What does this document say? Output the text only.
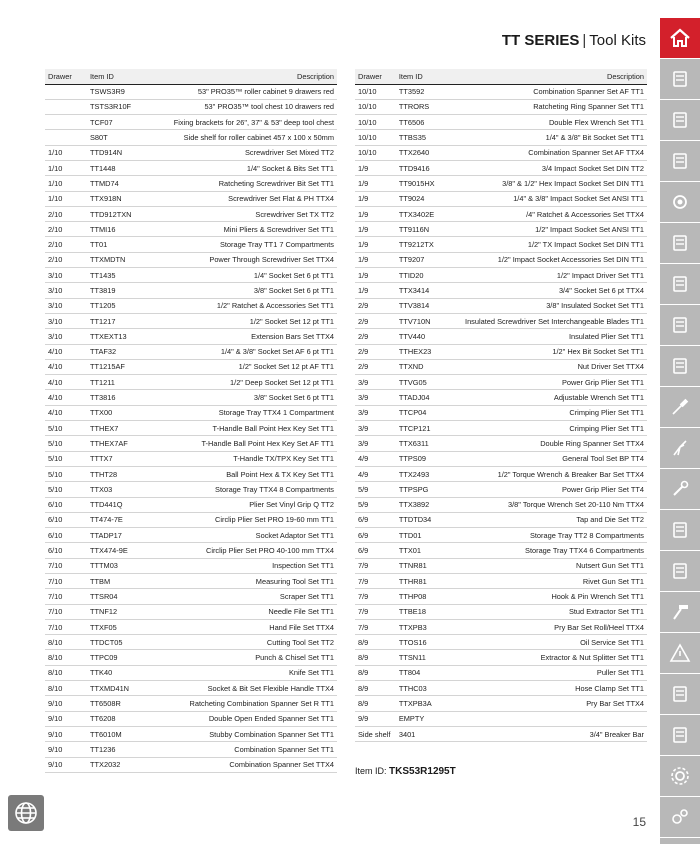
TT SERIES | Tool Kits
Drawer	Item ID	Description
	TSWS3R9	53" PRO35™ roller cabinet 9 drawers red
	TSTS3R10F	53" PRO35™ tool chest 10 drawers red
	TCF07	Fixing brackets for 26", 37" & 53" deep tool chest
	S80T	Side shelf for roller cabinet 457 x 100 x 50mm
1/10	TTD914N	Screwdriver Set Mixed TT2
1/10	TT1448	1/4" Socket & Bits Set TT1
1/10	TTMD74	Ratcheting Screwdriver Bit Set TT1
1/10	TTX918N	Screwdriver Set Flat & PH TTX4
2/10	TTD912TXN	Screwdriver Set TX TT2
2/10	TTMI16	Mini Pliers & Screwdriver Set TT1
2/10	TT01	Storage Tray TT1 7 Compartments
2/10	TTXMDTN	Power Through Screwdriver Set TTX4
3/10	TT1435	1/4" Socket Set 6 pt TT1
3/10	TT3819	3/8" Socket Set 6 pt TT1
3/10	TT1205	1/2" Ratchet & Accessories Set TT1
3/10	TT1217	1/2" Socket Set 12 pt TT1
3/10	TTXEXT13	Extension Bars Set TTX4
4/10	TTAF32	1/4" & 3/8" Socket Set AF 6 pt TT1
4/10	TT1215AF	1/2" Socket Set 12 pt AF TT1
4/10	TT1211	1/2" Deep Socket Set 12 pt TT1
4/10	TT3816	3/8" Socket Set 6 pt TT1
4/10	TTX00	Storage Tray TTX4 1 Compartment
5/10	TTHEX7	T-Handle Ball Point Hex Key Set TT1
5/10	TTHEX7AF	T-Handle Ball Point Hex Key Set AF TT1
5/10	TTTX7	T-Handle TX/TPX Key Set TT1
5/10	TTHT28	Ball Point Hex & TX Key Set TT1
5/10	TTX03	Storage Tray TTX4 8 Compartments
6/10	TTD441Q	Plier Set Vinyl Grip Q TT2
6/10	TT474-7E	Circlip Plier Set PRO 19-60 mm TT1
6/10	TTADP17	Socket Adaptor Set TT1
6/10	TTX474-9E	Circlip Plier Set PRO 40-100 mm TTX4
7/10	TTTM03	Inspection Set TT1
7/10	TTBM	Measuring Tool Set TT1
7/10	TTSR04	Scraper Set TT1
7/10	TTNF12	Needle File Set TT1
7/10	TTXF05	Hand File Set TTX4
8/10	TTDCT05	Cutting Tool Set TT2
8/10	TTPC09	Punch & Chisel Set TT1
8/10	TTK40	Knife Set TT1
8/10	TTXMD41N	Socket & Bit Set Flexible Handle TTX4
9/10	TT6508R	Ratcheting Combination Spanner Set R TT1
9/10	TT6208	Double Open Ended Spanner Set TT1
9/10	TT6010M	Stubby Combination Spanner Set TT1
9/10	TT1236	Combination Spanner Set TT1
9/10	TTX2032	Combination Spanner Set TTX4
Drawer	Item ID	Description
10/10	TT3592	Combination Spanner Set AF TT1
10/10	TTRORS	Ratcheting Ring Spanner Set TT1
10/10	TT6506	Double Flex Wrench Set TT1
10/10	TTBS35	1/4" & 3/8" Bit Socket Set TT1
10/10	TTX2640	Combination Spanner Set AF TTX4
1/9	TTD9416	3/4 Impact Socket Set DIN TT2
1/9	TT9015HX	3/8" & 1/2" Hex Impact Socket Set DIN TT1
1/9	TT9024	1/4" & 3/8" Impact Socket Set ANSI TT1
1/9	TTX3402E	/4" Ratchet & Accessories Set TTX4
1/9	TT9116N	1/2" Impact Socket Set ANSI TT1
1/9	TT9212TX	1/2" TX Impact Socket Set DIN TT1
1/9	TT9207	1/2" Impact Socket Accessories Set DIN TT1
1/9	TTID20	1/2" Impact Driver Set TT1
1/9	TTX3414	3/4" Socket Set 6 pt TTX4
2/9	TTV3814	3/8" Insulated Socket Set TT1
2/9	TTV710N	Insulated Screwdriver Set Interchangeable Blades TT1
2/9	TTV440	Insulated Plier Set TT1
2/9	TTHEX23	1/2" Hex Bit Socket Set TT1
2/9	TTXND	Nut Driver Set TTX4
3/9	TTVG05	Power Grip Plier Set TT1
3/9	TTADJ04	Adjustable Wrench Set TT1
3/9	TTCP04	Crimping Plier Set TT1
3/9	TTCP121	Crimping Plier Set TT1
3/9	TTX6311	Double Ring Spanner Set TTX4
4/9	TTPS09	General Tool Set BP TT4
4/9	TTX2493	1/2" Torque Wrench & Breaker Bar Set TTX4
5/9	TTPSPG	Power Grip Plier Set TT4
5/9	TTX3892	3/8" Torque Wrench Set 20-110 Nm TTX4
6/9	TTDTD34	Tap and Die Set TT2
6/9	TTD01	Storage Tray TT2 8 Compartments
6/9	TTX01	Storage Tray TTX4 6 Compartments
7/9	TTNR81	Nutsert Gun Set TT1
7/9	TTHR81	Rivet Gun Set TT1
7/9	TTHP08	Hook & Pin Wrench Set TT1
7/9	TTBE18	Stud Extractor Set TT1
7/9	TTXPB3	Pry Bar Set Roll/Heel TTX4
8/9	TTOS16	Oil Service Set TT1
8/9	TTSN11	Extractor & Nut Splitter Set TT1
8/9	TT804	Puller Set TT1
8/9	TTHC03	Hose Clamp Set TT1
8/9	TTXPB3A	Pry Bar Set TTX4
9/9	EMPTY	
Side shelf	3401	3/4" Breaker Bar
Item ID: TKS53R1295T
15
